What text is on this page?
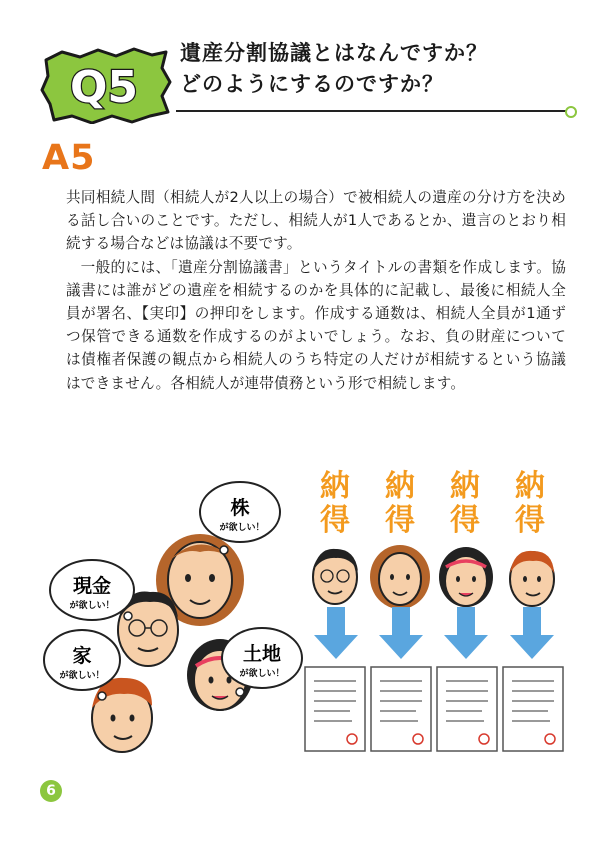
Q5
遺産分割協議とはなんですか？
どのようにするのですか？
A5

共同相続人間（相続人が2人以上の場合）で被相続人の遺産の分け方を決める話し合いのことです。ただし、相続人が1人であるとか、遺言のとおり相続する場合などは協議は不要です。

一般的には、「遺産分割協議書」というタイトルの書類を作成します。協議書には誰がどの遺産を相続するのかを具体的に記載し、最後に相続人全員が署名、【実印】の押印をします。作成する通数は、相続人全員が1通ずつ保管できる通数を作成するのがよいでしょう。なお、負の財産については債権者保護の観点から相続人のうち特定の人だけが相続するという協議はできません。各相続人が連帯債務という形で相続します。

株
が欲しい！
現金
が欲しい！
土地
が欲しい！
家
が欲しい！
納
得
納
得
納
得
納
得
6
